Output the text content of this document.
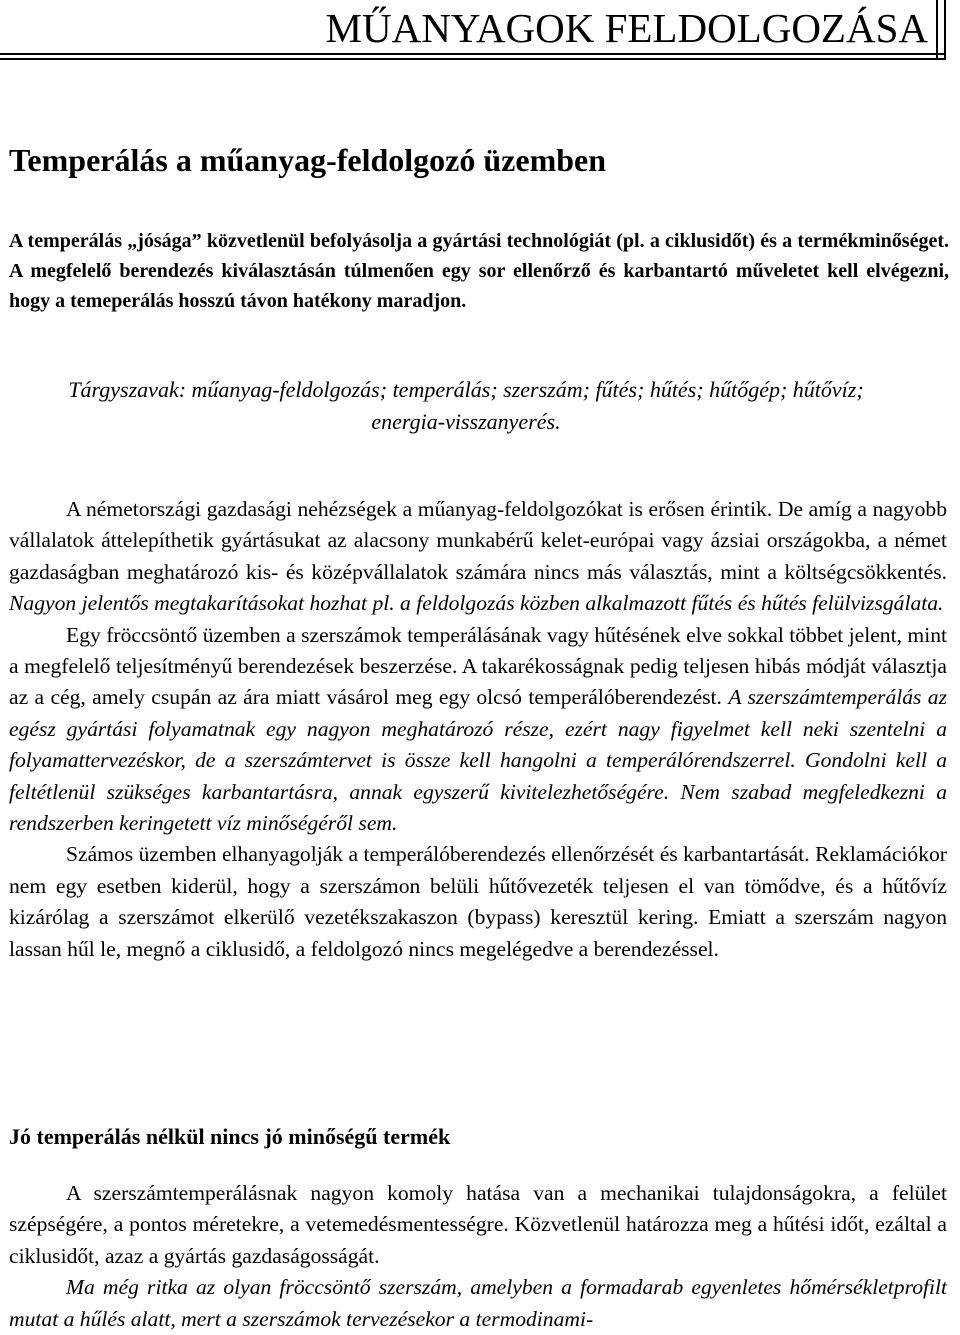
MŰANYAGOK FELDOLGOZÁSA
Temperálás a műanyag-feldolgozó üzemben

A temperálás „jósága” közvetlenül befolyásolja a gyártási technológiát (pl. a ciklusidőt) és a termékminőséget. A megfelelő berendezés kiválasztásán túlmenően egy sor ellenőrző és karbantartó műveletet kell elvégezni, hogy a temeperálás hosszú távon hatékony maradjon.

Tárgyszavak: műanyag-feldolgozás; temperálás; szerszám; fűtés; hűtés; hűtőgép; hűtővíz; energia-visszanyerés.

A németországi gazdasági nehézségek a műanyag-feldolgozókat is erősen érintik. De amíg a nagyobb vállalatok áttelepíthetik gyártásukat az alacsony munkabérű kelet-európai vagy ázsiai országokba, a német gazdaságban meghatározó kis- és középvállalatok számára nincs más választás, mint a költségcsökkentés. Nagyon jelentős megtakarításokat hozhat pl. a feldolgozás közben alkalmazott fűtés és hűtés felülvizsgálata.

Egy fröccsöntő üzemben a szerszámok temperálásának vagy hűtésének elve sokkal többet jelent, mint a megfelelő teljesítményű berendezések beszerzése. A takarékosságnak pedig teljesen hibás módját választja az a cég, amely csupán az ára miatt vásárol meg egy olcsó temperálóberendezést. A szerszámtemperálás az egész gyártási folyamatnak egy nagyon meghatározó része, ezért nagy figyelmet kell neki szentelni a folyamattervezéskor, de a szerszámtervet is össze kell hangolni a temperálórendszerrel. Gondolni kell a feltétlenül szükséges karbantartásra, annak egyszerű kivitelezhetőségére. Nem szabad megfeledkezni a rendszerben keringetett víz minőségéről sem.

Számos üzemben elhanyagolják a temperálóberendezés ellenőrzését és karbantartását. Reklamációkor nem egy esetben kiderül, hogy a szerszámon belüli hűtővezeték teljesen el van tömődve, és a hűtővíz kizárólag a szerszámot elkerülő vezetékszakaszon (bypass) keresztül kering. Emiatt a szerszám nagyon lassan hűl le, megnő a ciklusidő, a feldolgozó nincs megelégedve a berendezéssel.

Jó temperálás nélkül nincs jó minőségű termék

A szerszámtemperálásnak nagyon komoly hatása van a mechanikai tulajdonságokra, a felület szépségére, a pontos méretekre, a vetemedésmentességre. Közvetlenül határozza meg a hűtési időt, ezáltal a ciklusidőt, azaz a gyártás gazdaságosságát.

Ma még ritka az olyan fröccsöntő szerszám, amelyben a formadarab egyenletes hőmérsékletprofilt mutat a hűlés alatt, mert a szerszámok tervezésekor a termodinami-
